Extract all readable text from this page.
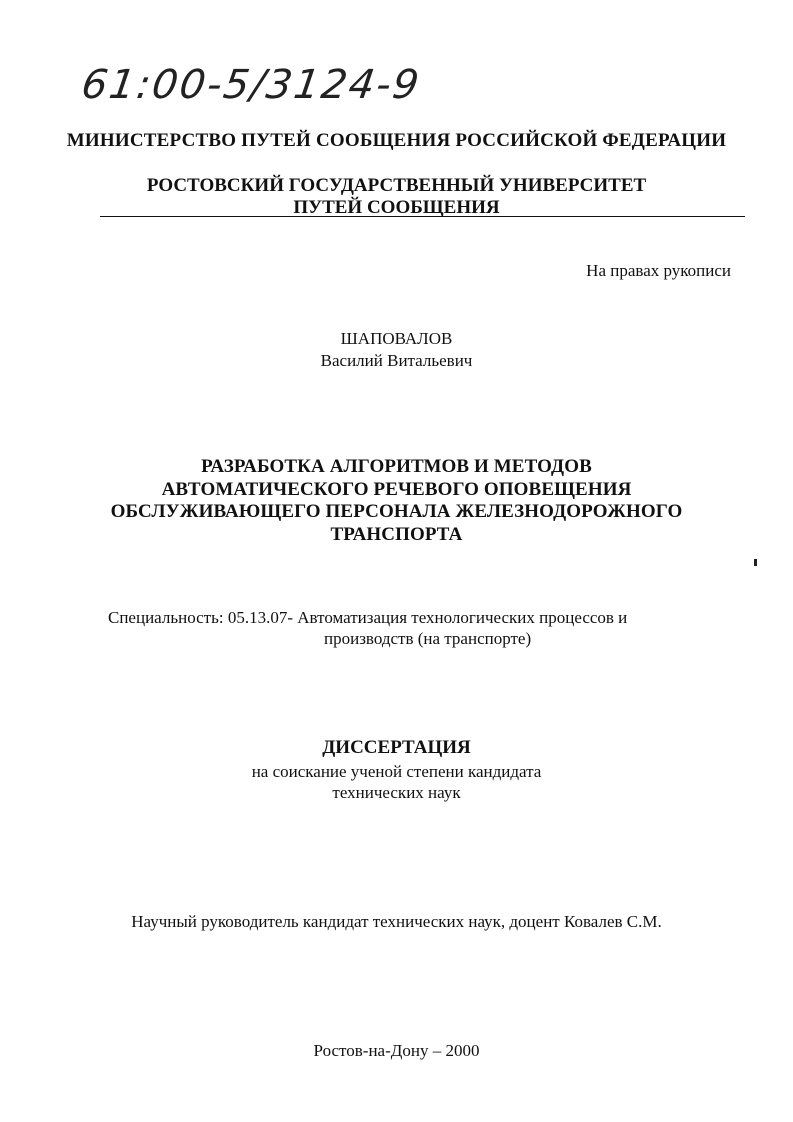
61:00-5/3124-9
МИНИСТЕРСТВО ПУТЕЙ СООБЩЕНИЯ РОССИЙСКОЙ ФЕДЕРАЦИИ
РОСТОВСКИЙ ГОСУДАРСТВЕННЫЙ УНИВЕРСИТЕТ
ПУТЕЙ СООБЩЕНИЯ
На правах рукописи
ШАПОВАЛОВ
Василий Витальевич
РАЗРАБОТКА АЛГОРИТМОВ И МЕТОДОВ
АВТОМАТИЧЕСКОГО РЕЧЕВОГО ОПОВЕЩЕНИЯ
ОБСЛУЖИВАЮЩЕГО ПЕРСОНАЛА ЖЕЛЕЗНОДОРОЖНОГО
ТРАНСПОРТА
Специальность: 05.13.07- Автоматизация технологических процессов и
производств (на транспорте)
ДИССЕРТАЦИЯ
на соискание ученой степени кандидата
технических наук
Научный руководитель кандидат технических наук, доцент Ковалев С.М.
Ростов-на-Дону – 2000
